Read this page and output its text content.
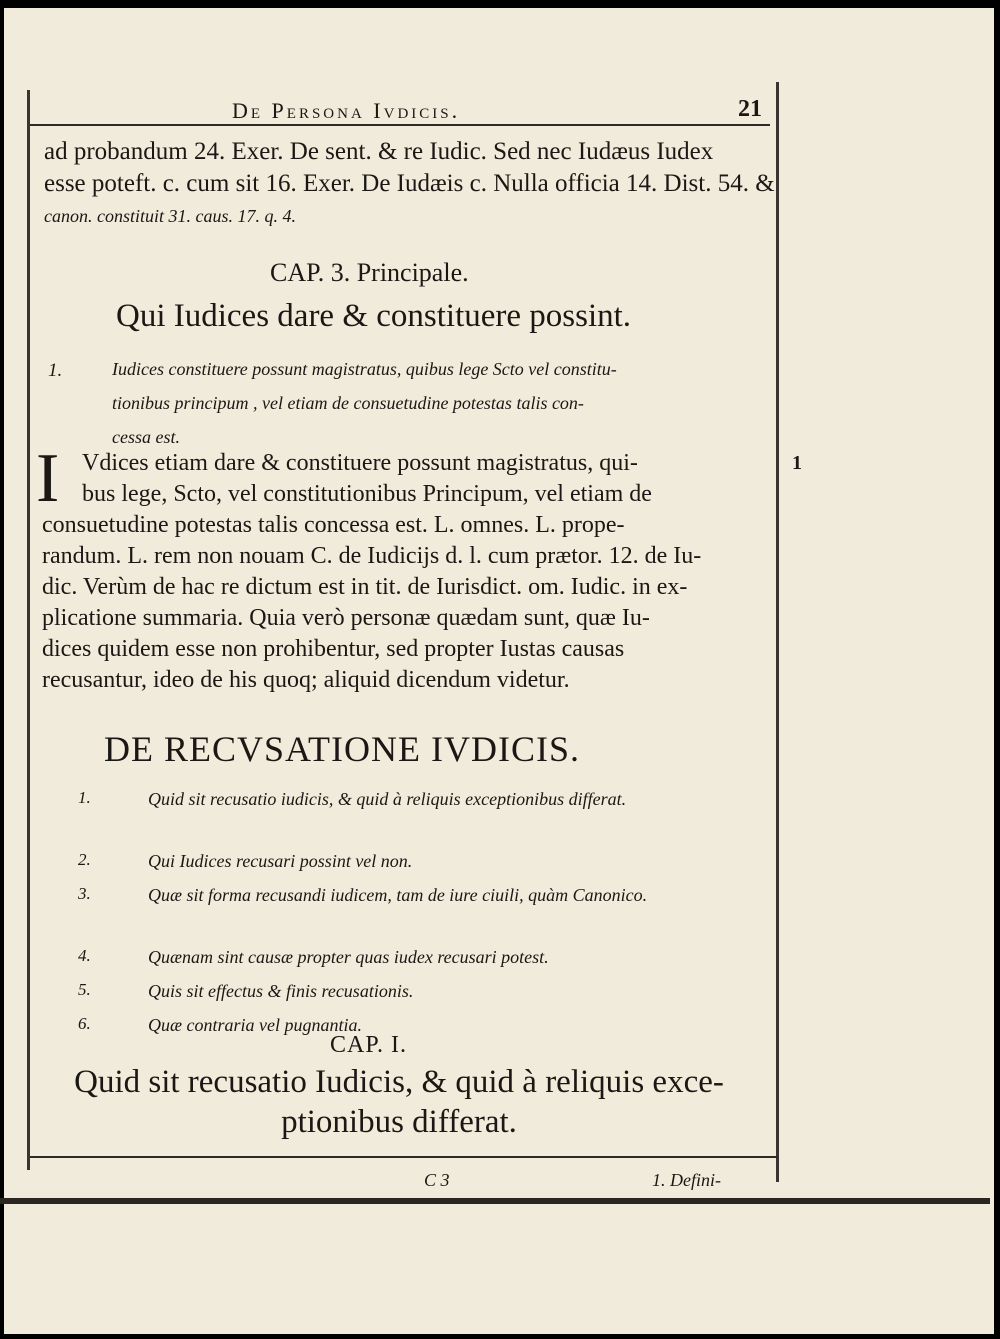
De Persona Ivdicis.	21
ad probandum 24. Exer. De sent. & re Iudic. Sed nec Iudæus Iudex
esse poteft. c. cum sit 16. Exer. De Iudæis c. Nulla officia 14. Dist. 54. &
canon. constituit 31. caus. 17. q. 4.
CAP. 3. Principale.
Qui Iudices dare & constituere possint.
1.	Iudices constituere possunt magistratus, quibus lege Scto vel constitu-
tionibus principum , vel etiam de consuetudine potestas talis con-
cessa est.
I Vdices etiam dare & constituere possunt magistratus, qui-
bus lege, Scto, vel constitutionibus Principum, vel etiam de
consuetudine potestas talis concessa est. L. omnes. L. prope-
randum. L. rem non nouam C. de Iudicijs d. l. cum prætor. 12. de Iu-
dic. Verùm de hac re dictum est in tit. de Iurisdict. om. Iudic. in ex-
plicatione summaria. Quia verò personæ quædam sunt, quæ Iu-
dices quidem esse non prohibentur, sed propter Iustas causas
recusantur, ideo de his quoq; aliquid dicendum videtur.
1
DE RECVSATIONE IVDICIS.
1.	Quid sit recusatio iudicis, & quid à reliquis exceptionibus differat.
2.	Qui Iudices recusari possint vel non.
3.	Quæ sit forma recusandi iudicem, tam de iure ciuili, quàm Canonico.
4.	Quænam sint causæ propter quas iudex recusari potest.
5.	Quis sit effectus & finis recusationis.
6.	Quæ contraria vel pugnantia.
CAP. I.
Quid sit recusatio Iudicis, & quid à reliquis exce- ptionibus differat.
C 3	1. Defini-
